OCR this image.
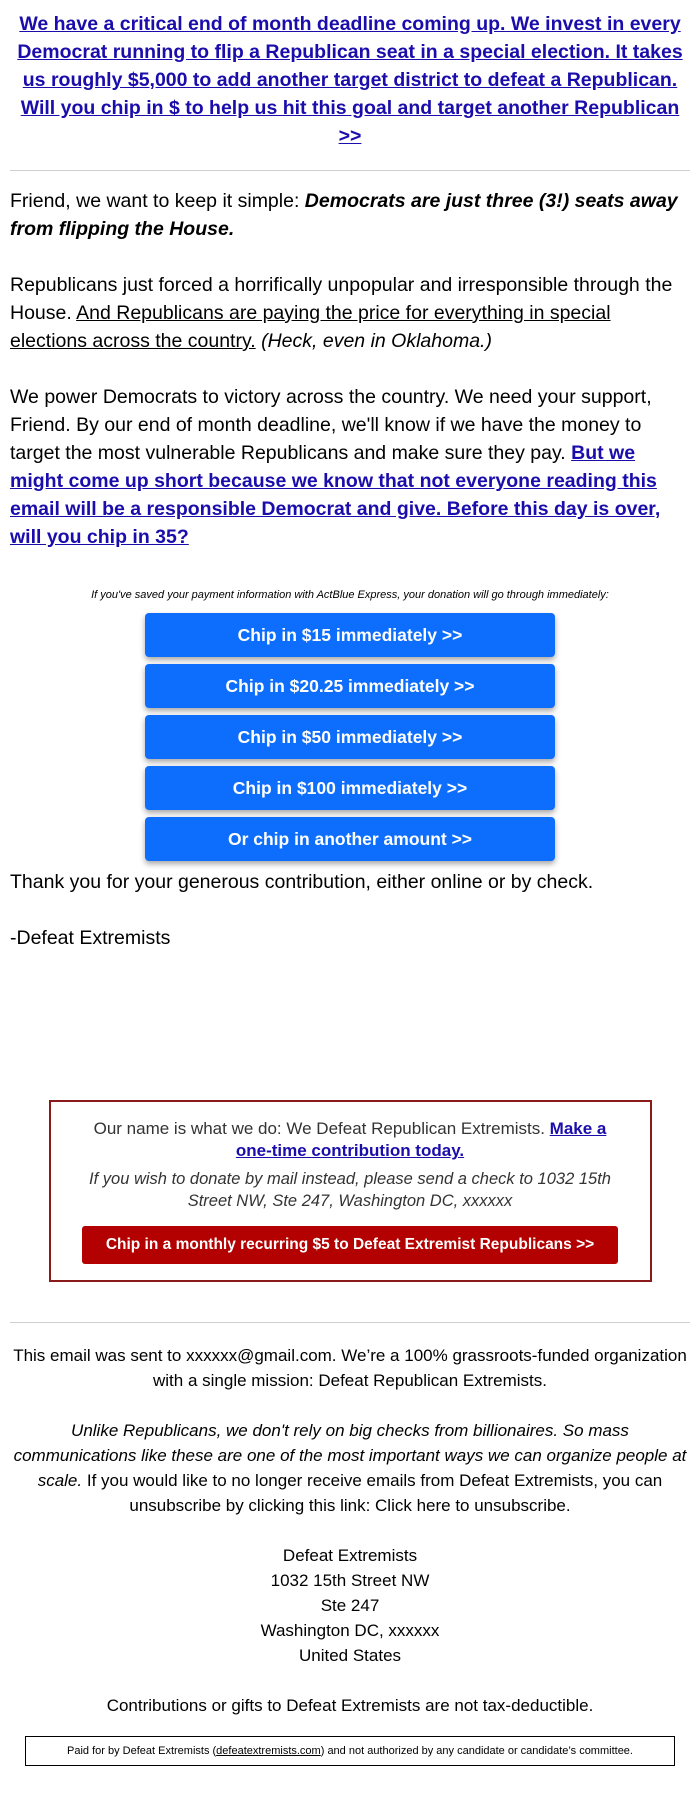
We have a critical end of month deadline coming up. We invest in every Democrat running to flip a Republican seat in a special election. It takes us roughly $5,000 to add another target district to defeat a Republican. Will you chip in $ to help us hit this goal and target another Republican >>

Friend, we want to keep it simple: Democrats are just three (3!) seats away from flipping the House.

Republicans just forced a horrifically unpopular and irresponsible through the House. And Republicans are paying the price for everything in special elections across the country. (Heck, even in Oklahoma.)

We power Democrats to victory across the country. We need your support, Friend. By our end of month deadline, we'll know if we have the money to target the most vulnerable Republicans and make sure they pay. But we might come up short because we know that not everyone reading this email will be a responsible Democrat and give. Before this day is over, will you chip in 35?

If you've saved your payment information with ActBlue Express, your donation will go through immediately:

Chip in $15 immediately >>
Chip in $20.25 immediately >>
Chip in $50 immediately >>
Chip in $100 immediately >>
Or chip in another amount >>

Thank you for your generous contribution, either online or by check.

-Defeat Extremists

Our name is what we do: We Defeat Republican Extremists. Make a one-time contribution today.
If you wish to donate by mail instead, please send a check to 1032 15th Street NW, Ste 247, Washington DC, xxxxxx
Chip in a monthly recurring $5 to Defeat Extremist Republicans >>

This email was sent to xxxxxx@gmail.com. We’re a 100% grassroots-funded organization with a single mission: Defeat Republican Extremists.

Unlike Republicans, we don't rely on big checks from billionaires. So mass communications like these are one of the most important ways we can organize people at scale. If you would like to no longer receive emails from Defeat Extremists, you can unsubscribe by clicking this link: Click here to unsubscribe.

Defeat Extremists

1032 15th Street NW

Ste 247

Washington DC, xxxxxx

United States

Contributions or gifts to Defeat Extremists are not tax-deductible.

Paid for by Defeat Extremists (defeatextremists.com) and not authorized by any candidate or candidate’s committee.
